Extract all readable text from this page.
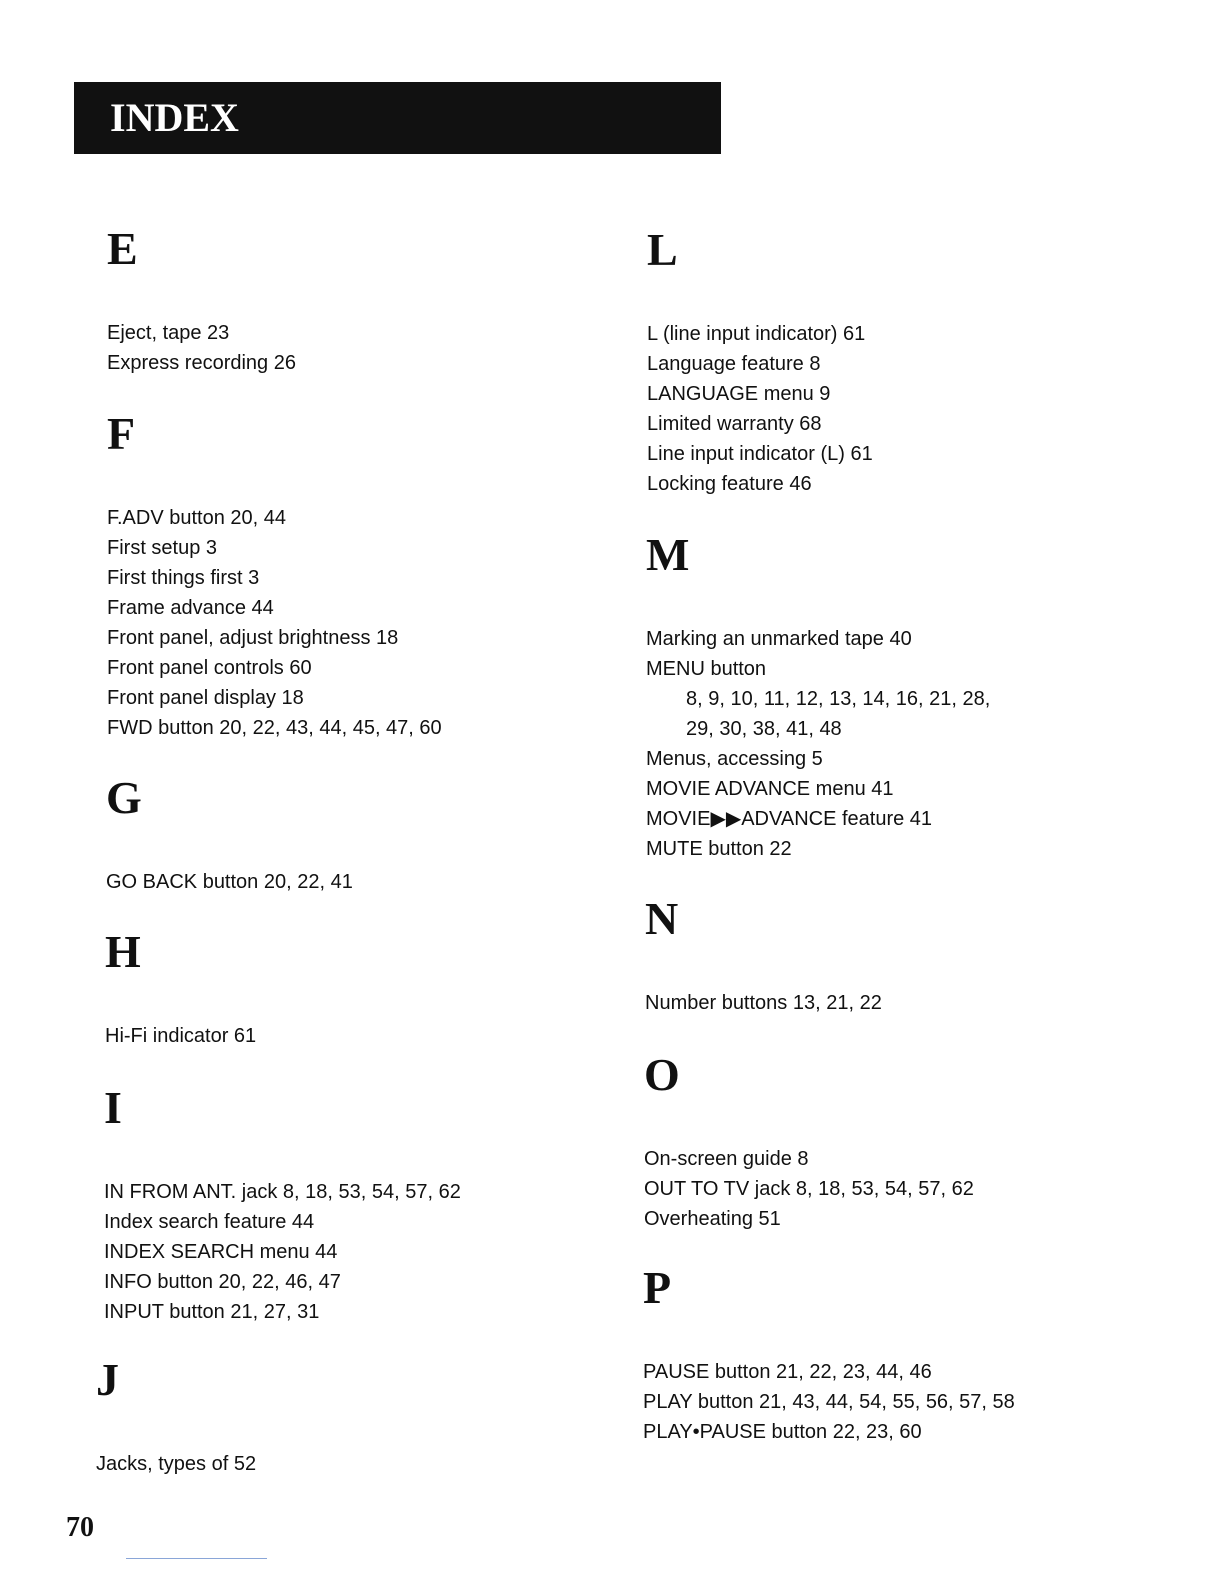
INDEX
E
Eject, tape 23
Express recording 26
F
F.ADV button 20, 44
First setup 3
First things first 3
Frame advance 44
Front panel, adjust brightness 18
Front panel controls 60
Front panel display 18
FWD button 20, 22, 43, 44, 45, 47, 60
G
GO BACK button 20, 22, 41
H
Hi-Fi indicator 61
I
IN FROM ANT. jack 8, 18, 53, 54, 57, 62
Index search feature 44
INDEX SEARCH menu 44
INFO button 20, 22, 46, 47
INPUT button 21, 27, 31
J
Jacks, types of 52
L
L (line input indicator) 61
Language feature 8
LANGUAGE menu 9
Limited warranty 68
Line input indicator (L) 61
Locking feature 46
M
Marking an unmarked tape 40
MENU button
8, 9, 10, 11, 12, 13, 14, 16, 21, 28,
29, 30, 38, 41, 48
Menus, accessing 5
MOVIE ADVANCE menu 41
MOVIE▶▶ADVANCE feature 41
MUTE button 22
N
Number buttons 13, 21, 22
O
On-screen guide 8
OUT TO TV jack 8, 18, 53, 54, 57, 62
Overheating 51
P
PAUSE button 21, 22, 23, 44, 46
PLAY button 21, 43, 44, 54, 55, 56, 57, 58
PLAY•PAUSE button 22, 23, 60
70
